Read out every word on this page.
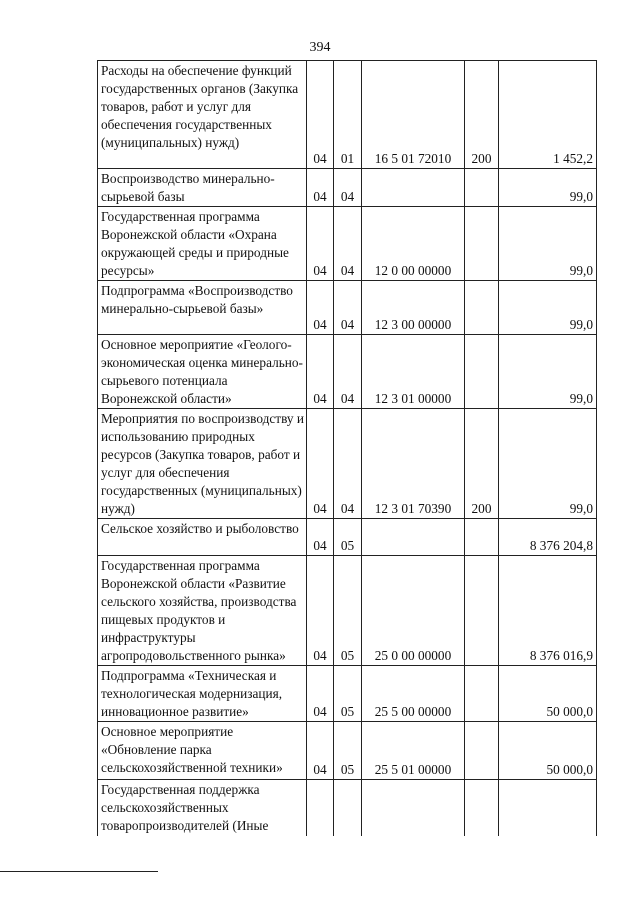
394
Расходы на обеспечение функций государственных органов (Закупка товаров, работ и услуг для обеспечения государственных (муниципальных) нужд)	04	01	16 5 01 72010	200	1 452,2
Воспроизводство минерально-сырьевой базы	04	04			99,0
Государственная программа Воронежской области «Охрана окружающей среды и природные ресурсы»	04	04	12 0 00 00000		99,0
Подпрограмма «Воспроизводство минерально-сырьевой базы»	04	04	12 3 00 00000		99,0
Основное мероприятие «Геолого-экономическая оценка минерально-сырьевого потенциала Воронежской области»	04	04	12 3 01 00000		99,0
Мероприятия по воспроизводству и использованию природных ресурсов (Закупка товаров, работ и услуг для обеспечения государственных (муниципальных) нужд)	04	04	12 3 01 70390	200	99,0
Сельское хозяйство и рыболовство	04	05			8 376 204,8
Государственная программа Воронежской области «Развитие сельского хозяйства, производства пищевых продуктов и инфраструктуры агропродовольственного рынка»	04	05	25 0 00 00000		8 376 016,9
Подпрограмма «Техническая и технологическая модернизация, инновационное развитие»	04	05	25 5 00 00000		50 000,0
Основное мероприятие «Обновление парка сельскохозяйственной техники»	04	05	25 5 01 00000		50 000,0
Государственная поддержка сельскохозяйственных товаропроизводителей (Иные					
